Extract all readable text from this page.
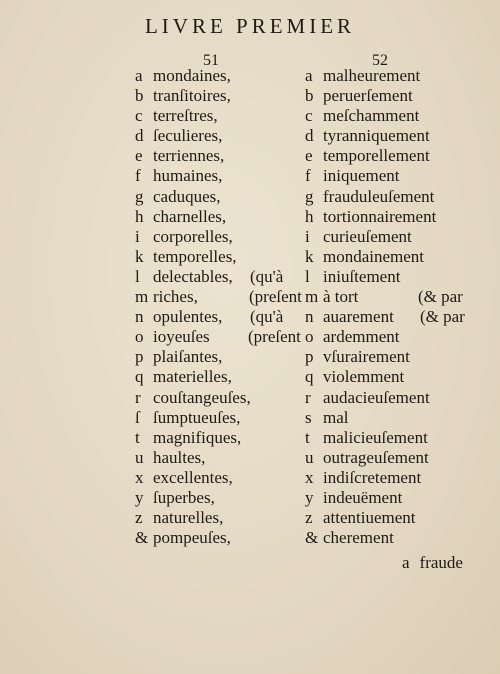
LIVRE PREMIER
51	52
a mondaines,
b tranſitoires,
c terreſtres,
d ſeculieres,
e terriennes,
f humaines,
g caduques,
h charnelles,
i corporelles,
k temporelles,
l delectables,
m riches,
n opulentes,
o ioyeuſes
p plaiſantes,
q materielles,
r couſtangeuſes,
ſ ſumptueuſes,
t magnifiques,
u haultes,
x excellentes,
y ſuperbes,
z naturelles,
& pompeuſes,
a malheurement
b peruerſement
c meſchamment
d tyranniquement
e temporellement
f iniquement
g frauduleuſement
h tortionnairement
i curieuſement
k mondainement
l iniuſtement
m à tort
n auarement
o ardemment
p vſurairement
q violemment
r audacieuſement
s mal
t malicieuſement
u outrageuſement
x indiſcretement
y indeuëment
z attentiuement
& cherement
(qu'à
(preſent
(qu'à
(preſent
(& par
(& par
a fraude
